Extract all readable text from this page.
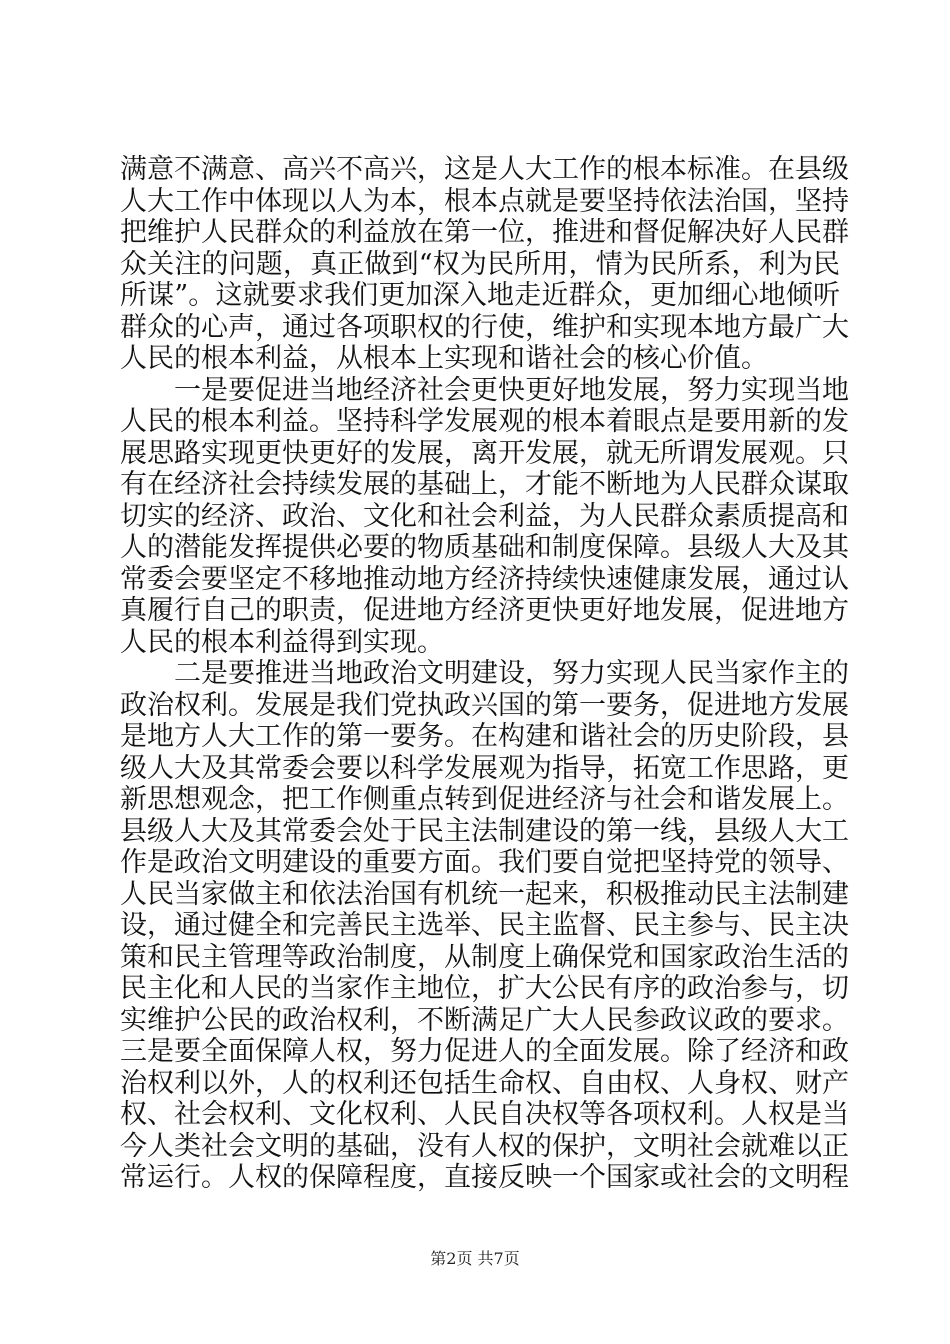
满意不满意、高兴不高兴，这是人大工作的根本标准。在县级
人大工作中体现以人为本，根本点就是要坚持依法治国，坚持
把维护人民群众的利益放在第一位，推进和督促解决好人民群
众关注的问题，真正做到“权为民所用，情为民所系，利为民
所谋”。这就要求我们更加深入地走近群众，更加细心地倾听
群众的心声，通过各项职权的行使，维护和实现本地方最广大
人民的根本利益，从根本上实现和谐社会的核心价值。
　　一是要促进当地经济社会更快更好地发展，努力实现当地
人民的根本利益。坚持科学发展观的根本着眼点是要用新的发
展思路实现更快更好的发展，离开发展，就无所谓发展观。只
有在经济社会持续发展的基础上，才能不断地为人民群众谋取
切实的经济、政治、文化和社会利益，为人民群众素质提高和
人的潜能发挥提供必要的物质基础和制度保障。县级人大及其
常委会要坚定不移地推动地方经济持续快速健康发展，通过认
真履行自己的职责，促进地方经济更快更好地发展，促进地方
人民的根本利益得到实现。
　　二是要推进当地政治文明建设，努力实现人民当家作主的
政治权利。发展是我们党执政兴国的第一要务，促进地方发展
是地方人大工作的第一要务。在构建和谐社会的历史阶段，县
级人大及其常委会要以科学发展观为指导，拓宽工作思路，更
新思想观念，把工作侧重点转到促进经济与社会和谐发展上。
县级人大及其常委会处于民主法制建设的第一线，县级人大工
作是政治文明建设的重要方面。我们要自觉把坚持党的领导、
人民当家做主和依法治国有机统一起来，积极推动民主法制建
设，通过健全和完善民主选举、民主监督、民主参与、民主决
策和民主管理等政治制度，从制度上确保党和国家政治生活的
民主化和人民的当家作主地位，扩大公民有序的政治参与，切
实维护公民的政治权利，不断满足广大人民参政议政的要求。
三是要全面保障人权，努力促进人的全面发展。除了经济和政
治权利以外，人的权利还包括生命权、自由权、人身权、财产
权、社会权利、文化权利、人民自决权等各项权利。人权是当
今人类社会文明的基础，没有人权的保护，文明社会就难以正
常运行。人权的保障程度，直接反映一个国家或社会的文明程
第2页 共7页
